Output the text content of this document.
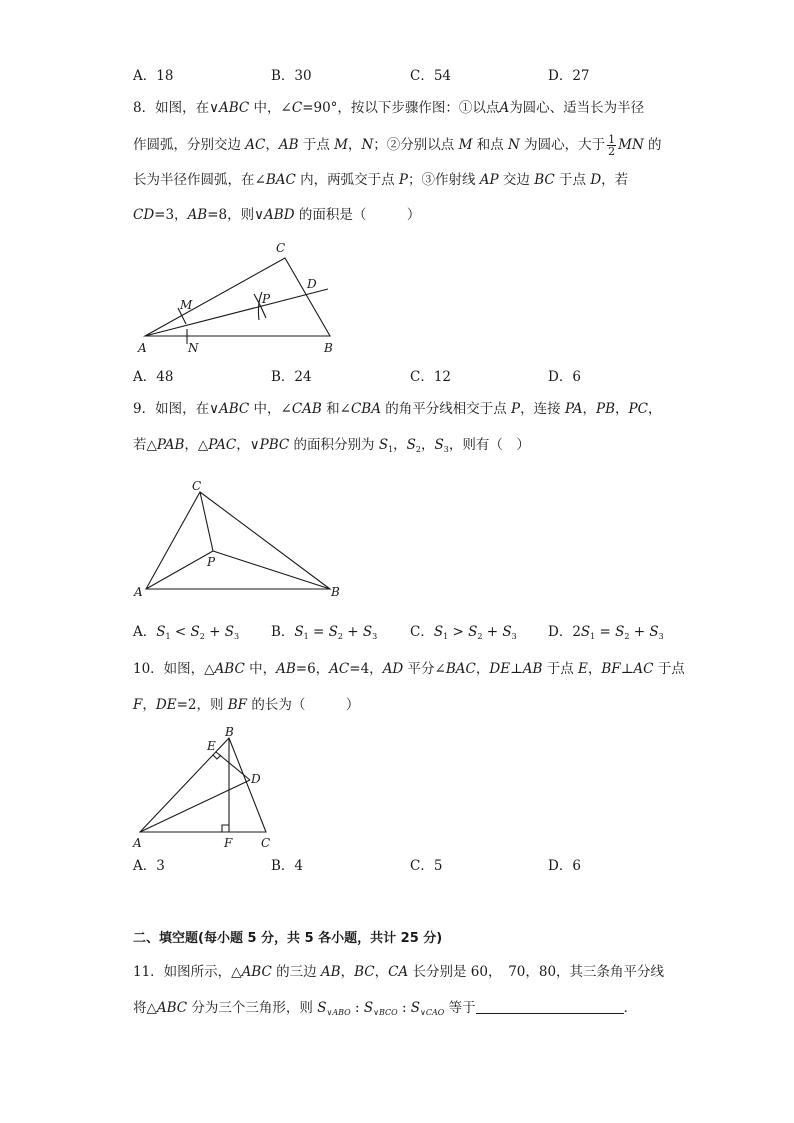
A．18	B．30	C．54	D．27
8．如图，在∨ABC 中，∠C=90°，按以下步骤作图：①以点A为圆心、适当长为半径
作圆弧，分别交边 AC，AB 于点 M，N；②分别以点 M 和点 N 为圆心，大于 $\frac{1}{2}$ MN 的
长为半径作圆弧，在∠BAC 内，两弧交于点 P；③作射线 AP 交边 BC 于点 D，若
CD=3，AB=8，则∨ABD 的面积是（　　　）
C
M	P
D
A	N	B
A．48	B．24	C．12	D．6
9．如图，在∨ABC 中，∠CAB 和∠CBA 的角平分线相交于点 P，连接 PA，PB，PC，
若△PAB，△PAC，∨PBC 的面积分别为 $S_1$，$S_2$，$S_3$，则有（　）
C
P
A	B
A．$S_1 < S_2 + S_3$ B．$S_1 = S_2 + S_3$ C．$S_1 > S_2 + S_3$ D．$2S_1 = S_2 + S_3$
10．如图，△ABC 中，AB=6，AC=4，AD 平分∠BAC，DE⊥AB 于点 E，BF⊥AC 于点
F，DE=2，则 BF 的长为（　　　）
E
B
D
A	F C
A．3	B．4	C．5	D．6
二、填空题(每小题 5 分，共 5 各小题，共计 25 分)
11．如图所示，△ABC 的三边 AB，BC，CA 长分别是 60，　70，80，其三条角平分线
将△ABC 分为三个三角形，则 $S_{\vee ABO}$ : $S_{\vee BCO}$ : $S_{\vee CAO}$ 等于	．
